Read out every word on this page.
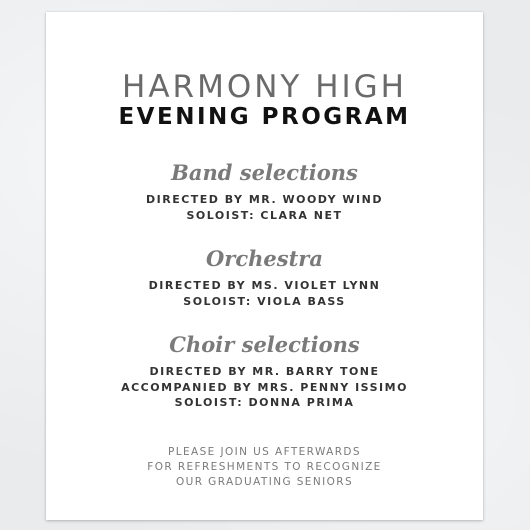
HARMONY HIGH
EVENING PROGRAM
Band selections
DIRECTED BY MR. WOODY WIND
SOLOIST: CLARA NET
Orchestra
DIRECTED BY MS. VIOLET LYNN
SOLOIST: VIOLA BASS
Choir selections
DIRECTED BY MR. BARRY TONE
ACCOMPANIED BY MRS. PENNY ISSIMO
SOLOIST: DONNA PRIMA
PLEASE JOIN US AFTERWARDS
FOR REFRESHMENTS TO RECOGNIZE
OUR GRADUATING SENIORS
